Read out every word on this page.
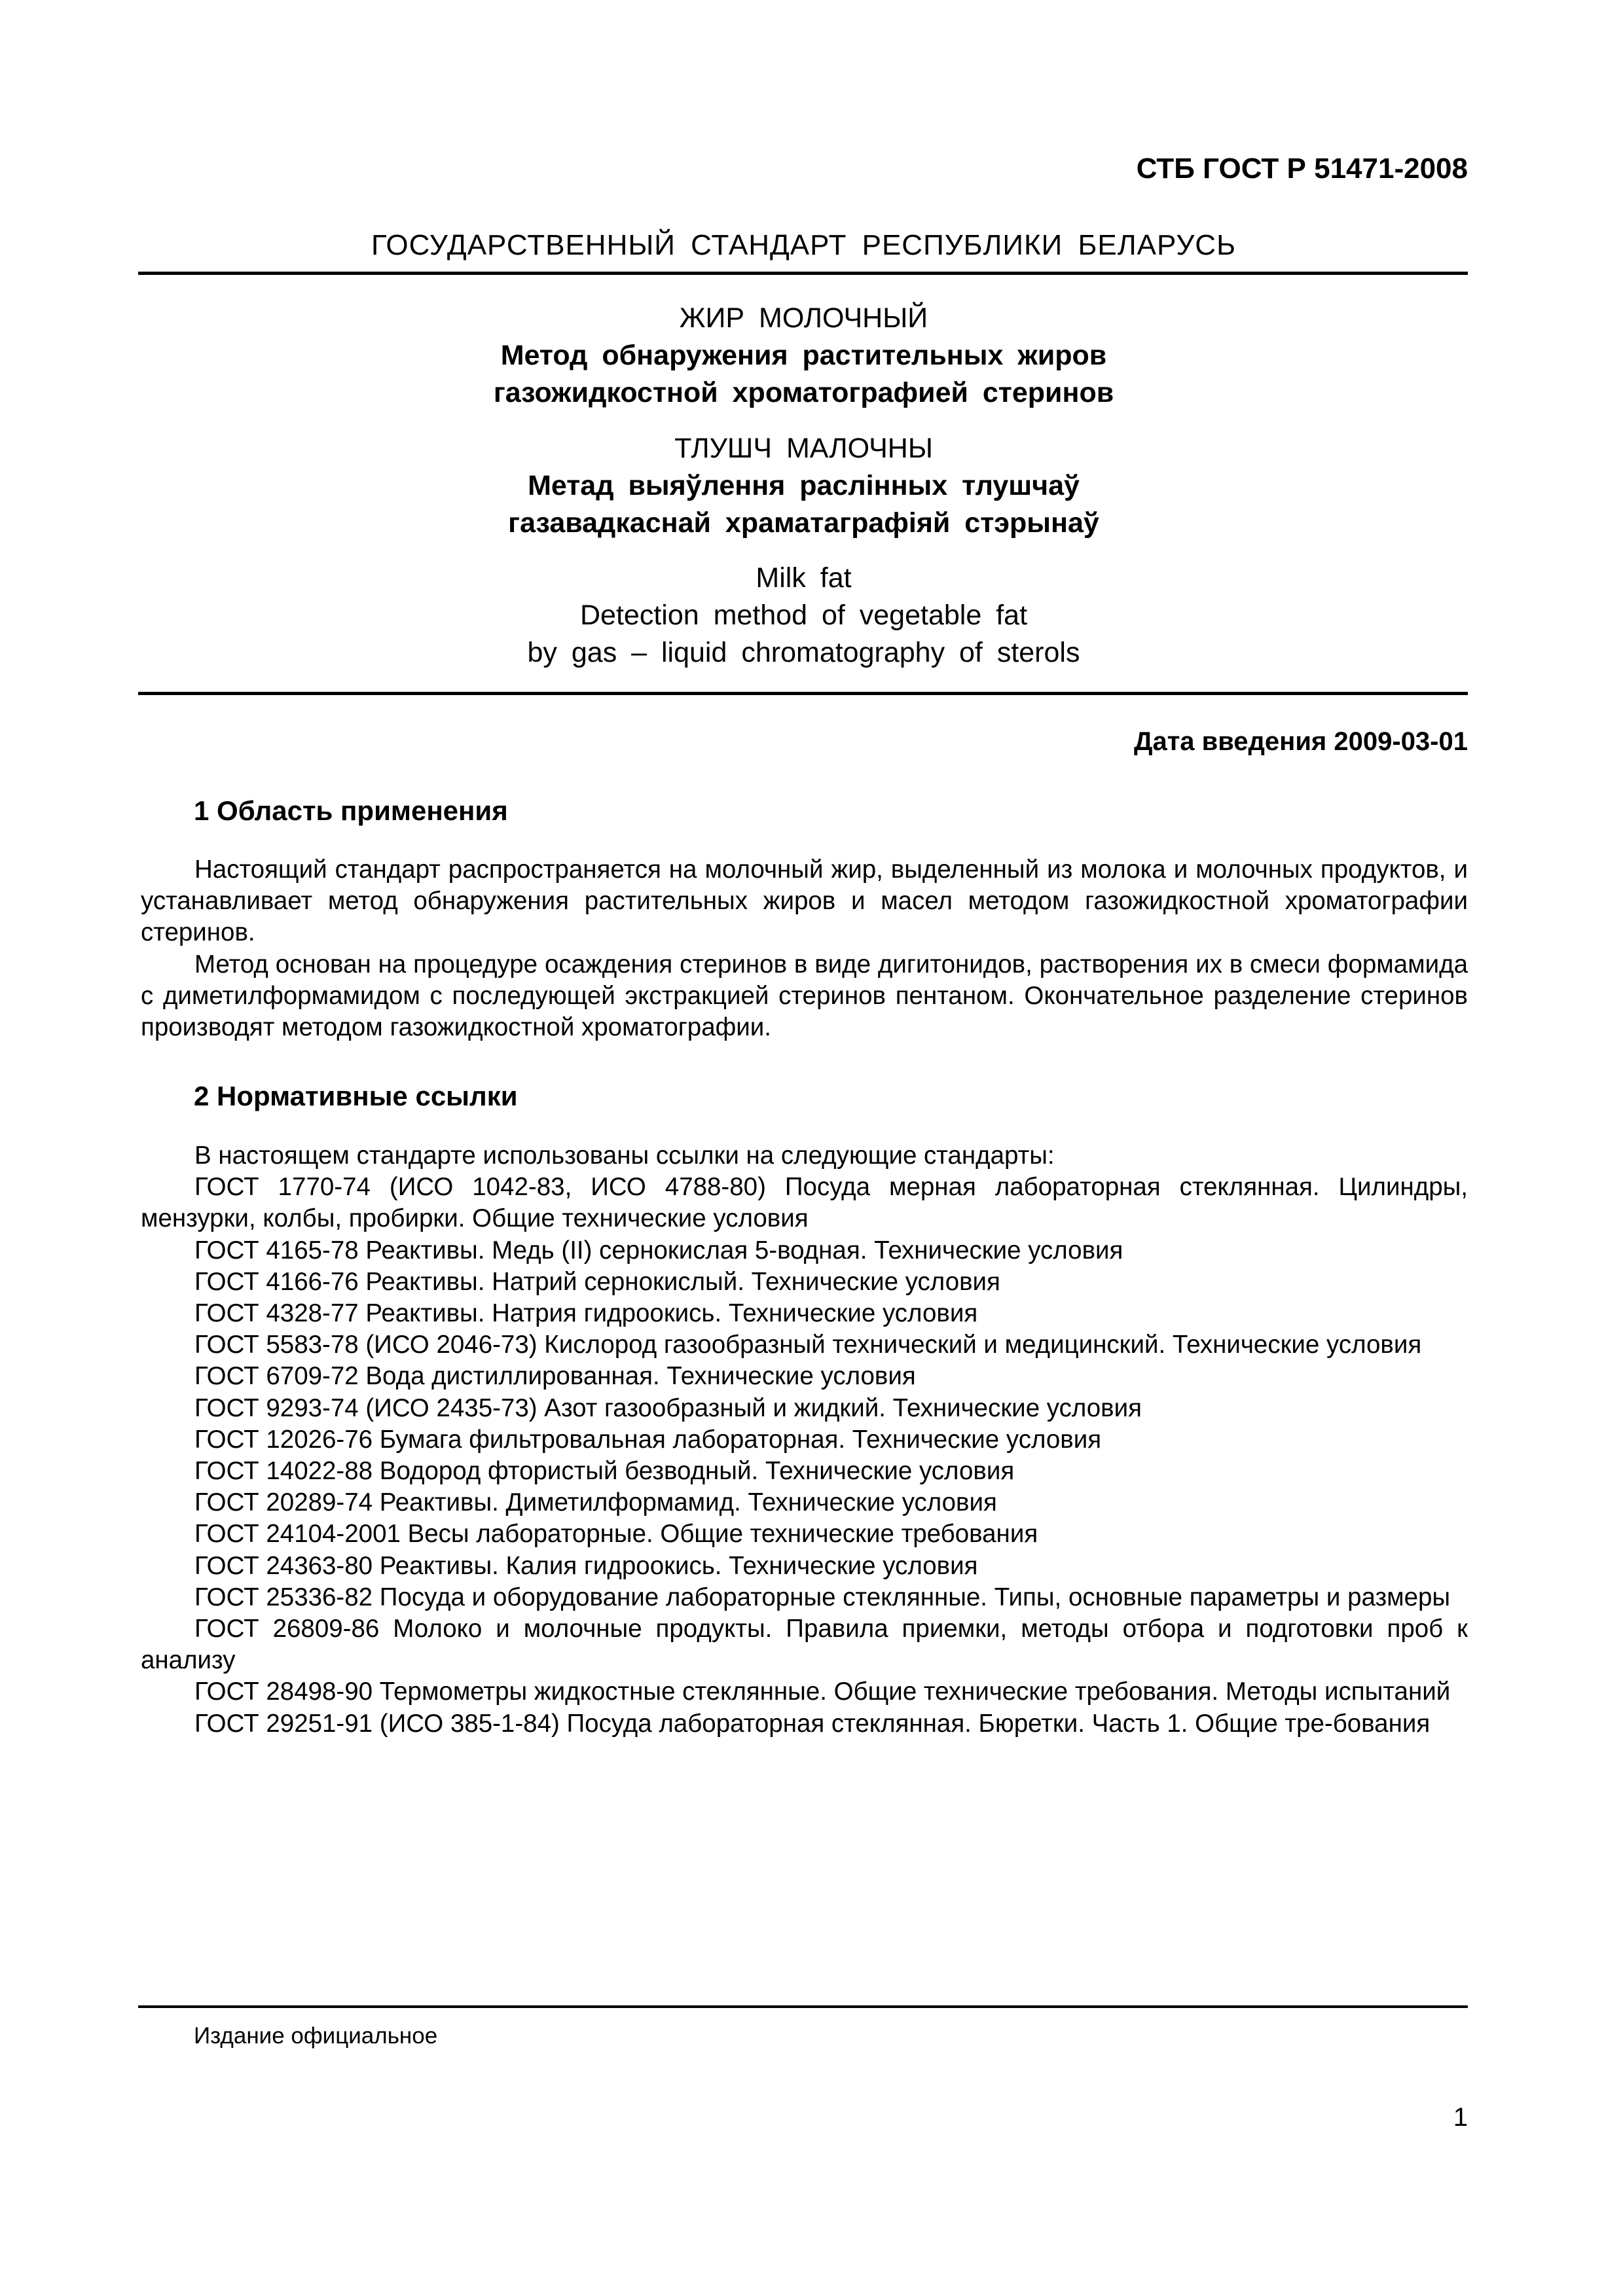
СТБ ГОСТ Р 51471-2008
ГОСУДАРСТВЕННЫЙ СТАНДАРТ РЕСПУБЛИКИ БЕЛАРУСЬ
ЖИР МОЛОЧНЫЙ
Метод обнаружения растительных жиров
газожидкостной хроматографией стеринов
ТЛУШЧ МАЛОЧНЫ
Метад выяўлення раслінных тлушчаў
газавадкаснай храматаграфіяй стэрынаў
Milk fat
Detection method of vegetable fat
by gas – liquid chromatography of sterols
Дата введения 2009-03-01
1 Область применения

Настоящий стандарт распространяется на молочный жир, выделенный из молока и молочных продуктов, и устанавливает метод обнаружения растительных жиров и масел методом газожидкостной хроматографии стеринов.

Метод основан на процедуре осаждения стеринов в виде дигитонидов, растворения их в смеси формамида с диметилформамидом с последующей экстракцией стеринов пентаном. Окончательное разделение стеринов производят методом газожидкостной хроматографии.

2 Нормативные ссылки

В настоящем стандарте использованы ссылки на следующие стандарты:

ГОСТ 1770-74 (ИСО 1042-83, ИСО 4788-80) Посуда мерная лабораторная стеклянная. Цилиндры, мензурки, колбы, пробирки. Общие технические условия

ГОСТ 4165-78 Реактивы. Медь (II) сернокислая 5-водная. Технические условия

ГОСТ 4166-76 Реактивы. Натрий сернокислый. Технические условия

ГОСТ 4328-77 Реактивы. Натрия гидроокись. Технические условия

ГОСТ 5583-78 (ИСО 2046-73) Кислород газообразный технический и медицинский. Технические условия

ГОСТ 6709-72 Вода дистиллированная. Технические условия

ГОСТ 9293-74 (ИСО 2435-73) Азот газообразный и жидкий. Технические условия

ГОСТ 12026-76 Бумага фильтровальная лабораторная. Технические условия

ГОСТ 14022-88 Водород фтористый безводный. Технические условия

ГОСТ 20289-74 Реактивы. Диметилформамид. Технические условия

ГОСТ 24104-2001 Весы лабораторные. Общие технические требования

ГОСТ 24363-80 Реактивы. Калия гидроокись. Технические условия

ГОСТ 25336-82 Посуда и оборудование лабораторные стеклянные. Типы, основные параметры и размеры

ГОСТ 26809-86 Молоко и молочные продукты. Правила приемки, методы отбора и подготовки проб к анализу

ГОСТ 28498-90 Термометры жидкостные стеклянные. Общие технические требования. Методы испытаний

ГОСТ 29251-91 (ИСО 385-1-84) Посуда лабораторная стеклянная. Бюретки. Часть 1. Общие тре-бования

Издание официальное
1
